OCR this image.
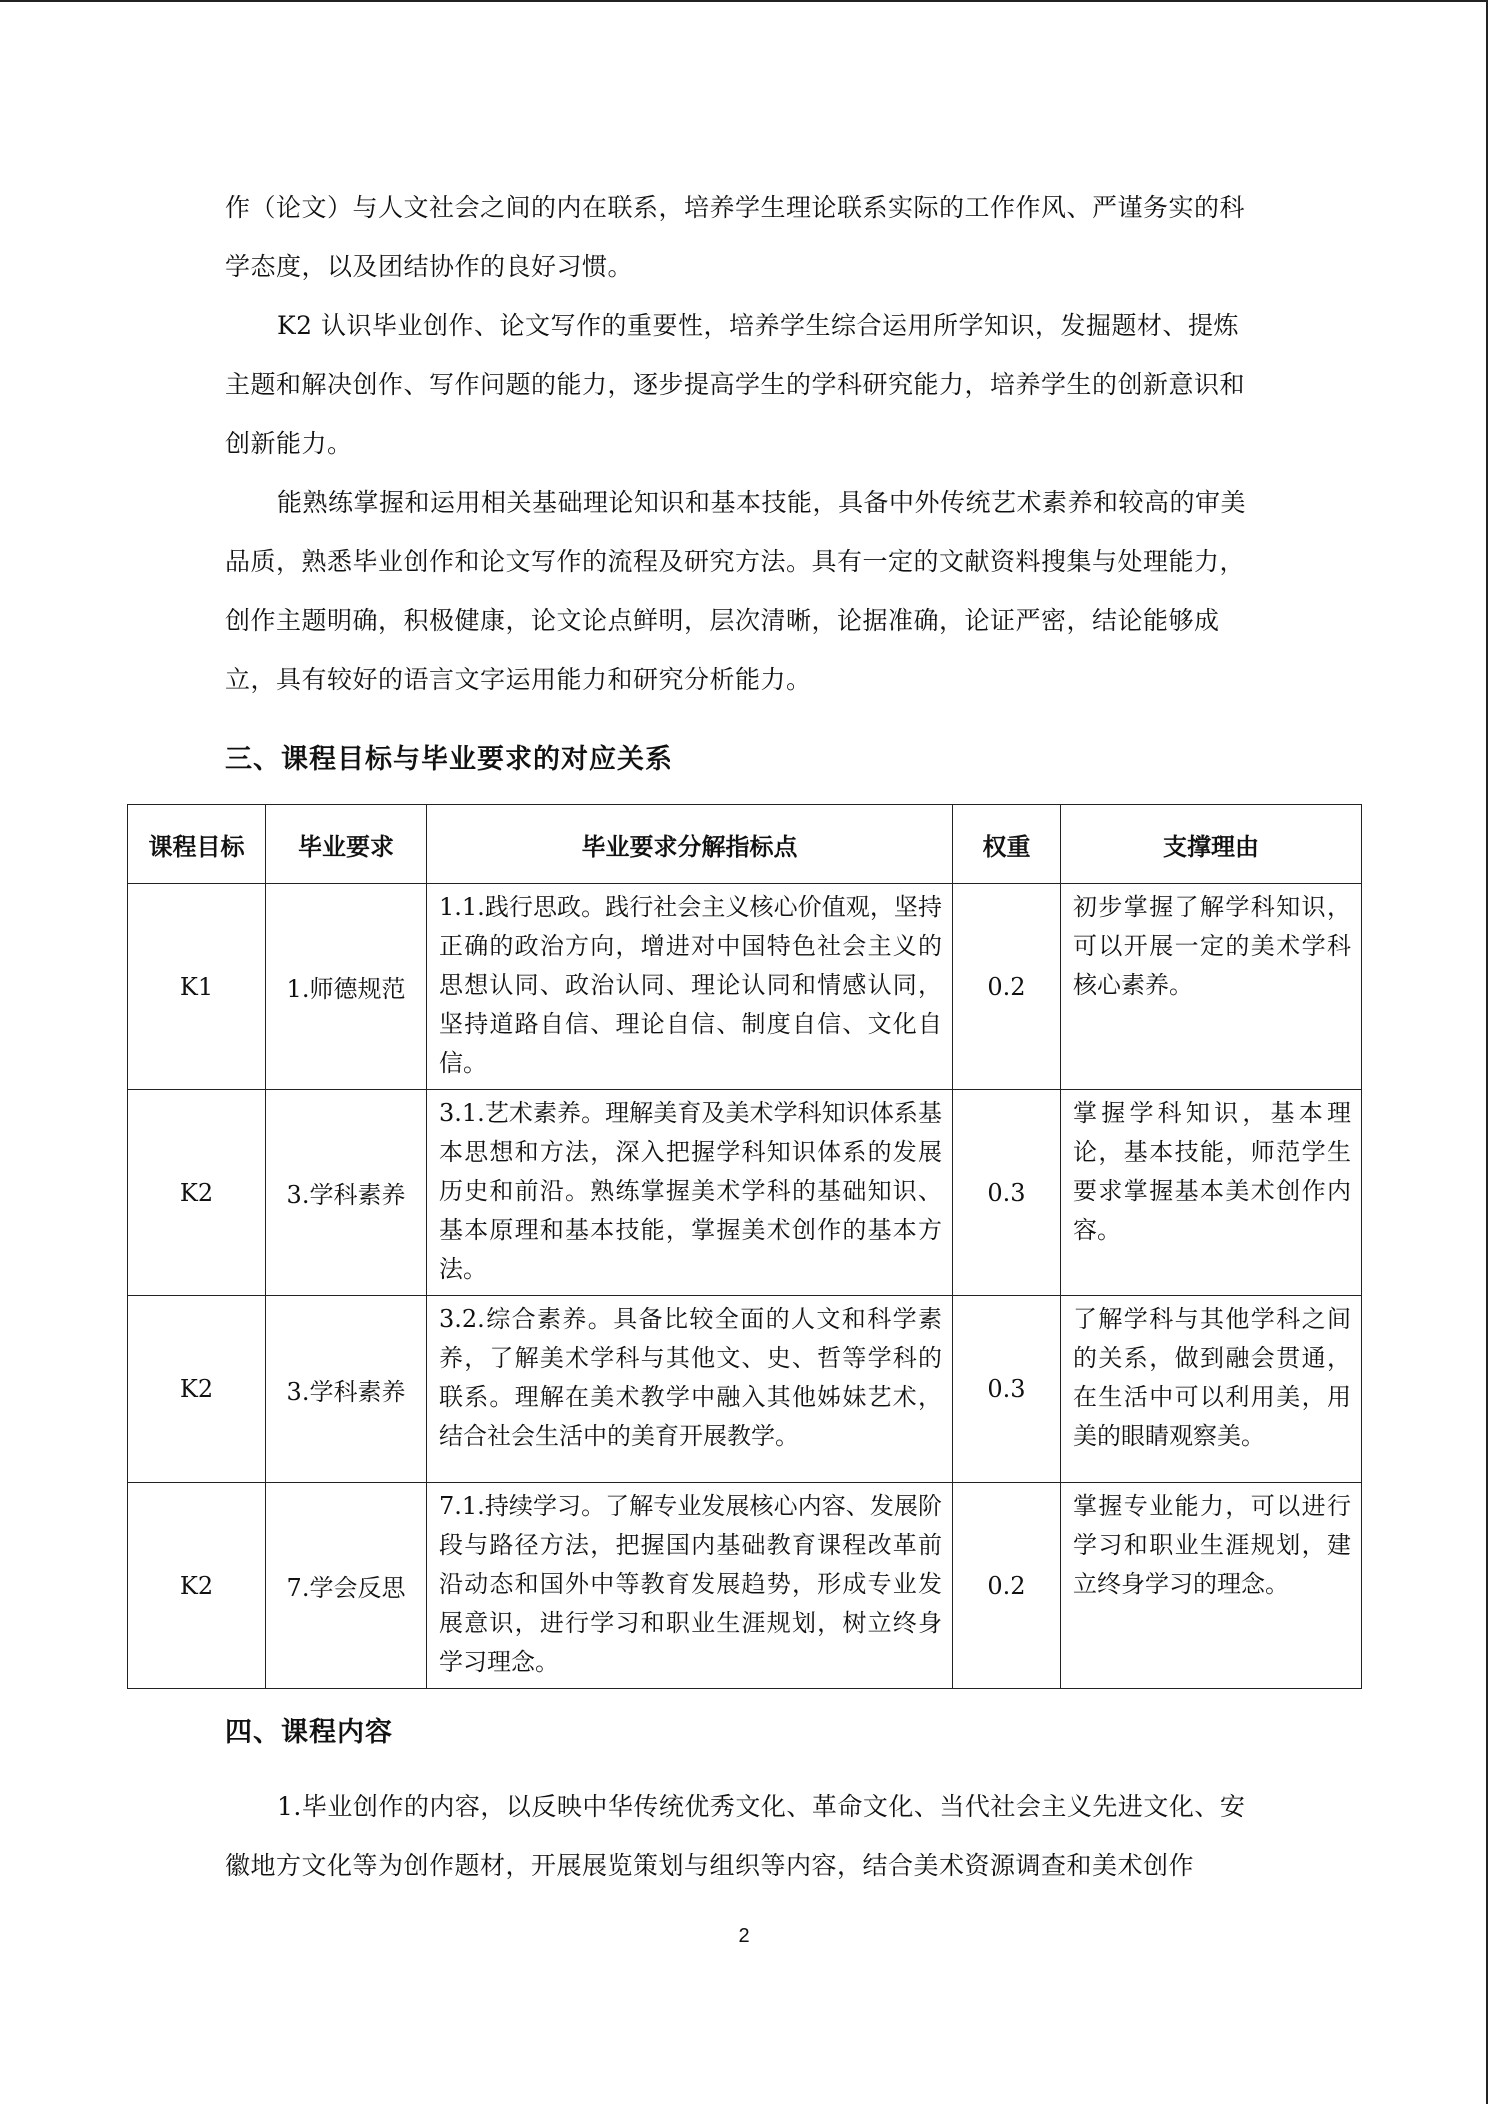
作（论文）与人文社会之间的内在联系，培养学生理论联系实际的工作作风、严谨务实的科学态度，以及团结协作的良好习惯。

K2 认识毕业创作、论文写作的重要性，培养学生综合运用所学知识，发掘题材、提炼主题和解决创作、写作问题的能力，逐步提高学生的学科研究能力，培养学生的创新意识和创新能力。

能熟练掌握和运用相关基础理论知识和基本技能，具备中外传统艺术素养和较高的审美品质，熟悉毕业创作和论文写作的流程及研究方法。具有一定的文献资料搜集与处理能力，创作主题明确，积极健康，论文论点鲜明，层次清晰，论据准确，论证严密，结论能够成立，具有较好的语言文字运用能力和研究分析能力。

三、课程目标与毕业要求的对应关系
课程目标	毕业要求	毕业要求分解指标点	权重	支撑理由
K1	1.师德规范	1.1.践行思政。践行社会主义核心价值观，坚持正确的政治方向，增进对中国特色社会主义的思想认同、政治认同、理论认同和情感认同，坚持道路自信、理论自信、制度自信、文化自信。	0.2	初步掌握了解学科知识，可以开展一定的美术学科核心素养。
K2	3.学科素养	3.1.艺术素养。理解美育及美术学科知识体系基本思想和方法，深入把握学科知识体系的发展历史和前沿。熟练掌握美术学科的基础知识、基本原理和基本技能，掌握美术创作的基本方法。	0.3	掌握学科知识，基本理论，基本技能，师范学生要求掌握基本美术创作内容。
K2	3.学科素养	3.2.综合素养。具备比较全面的人文和科学素养，了解美术学科与其他文、史、哲等学科的联系。理解在美术教学中融入其他姊妹艺术，结合社会生活中的美育开展教学。	0.3	了解学科与其他学科之间的关系，做到融会贯通，在生活中可以利用美，用美的眼睛观察美。
K2	7.学会反思	7.1.持续学习。了解专业发展核心内容、发展阶段与路径方法，把握国内基础教育课程改革前沿动态和国外中等教育发展趋势，形成专业发展意识，进行学习和职业生涯规划，树立终身学习理念。	0.2	掌握专业能力，可以进行学习和职业生涯规划，建立终身学习的理念。
四、课程内容

1.毕业创作的内容，以反映中华传统优秀文化、革命文化、当代社会主义先进文化、安徽地方文化等为创作题材，开展展览策划与组织等内容，结合美术资源调查和美术创作

2
